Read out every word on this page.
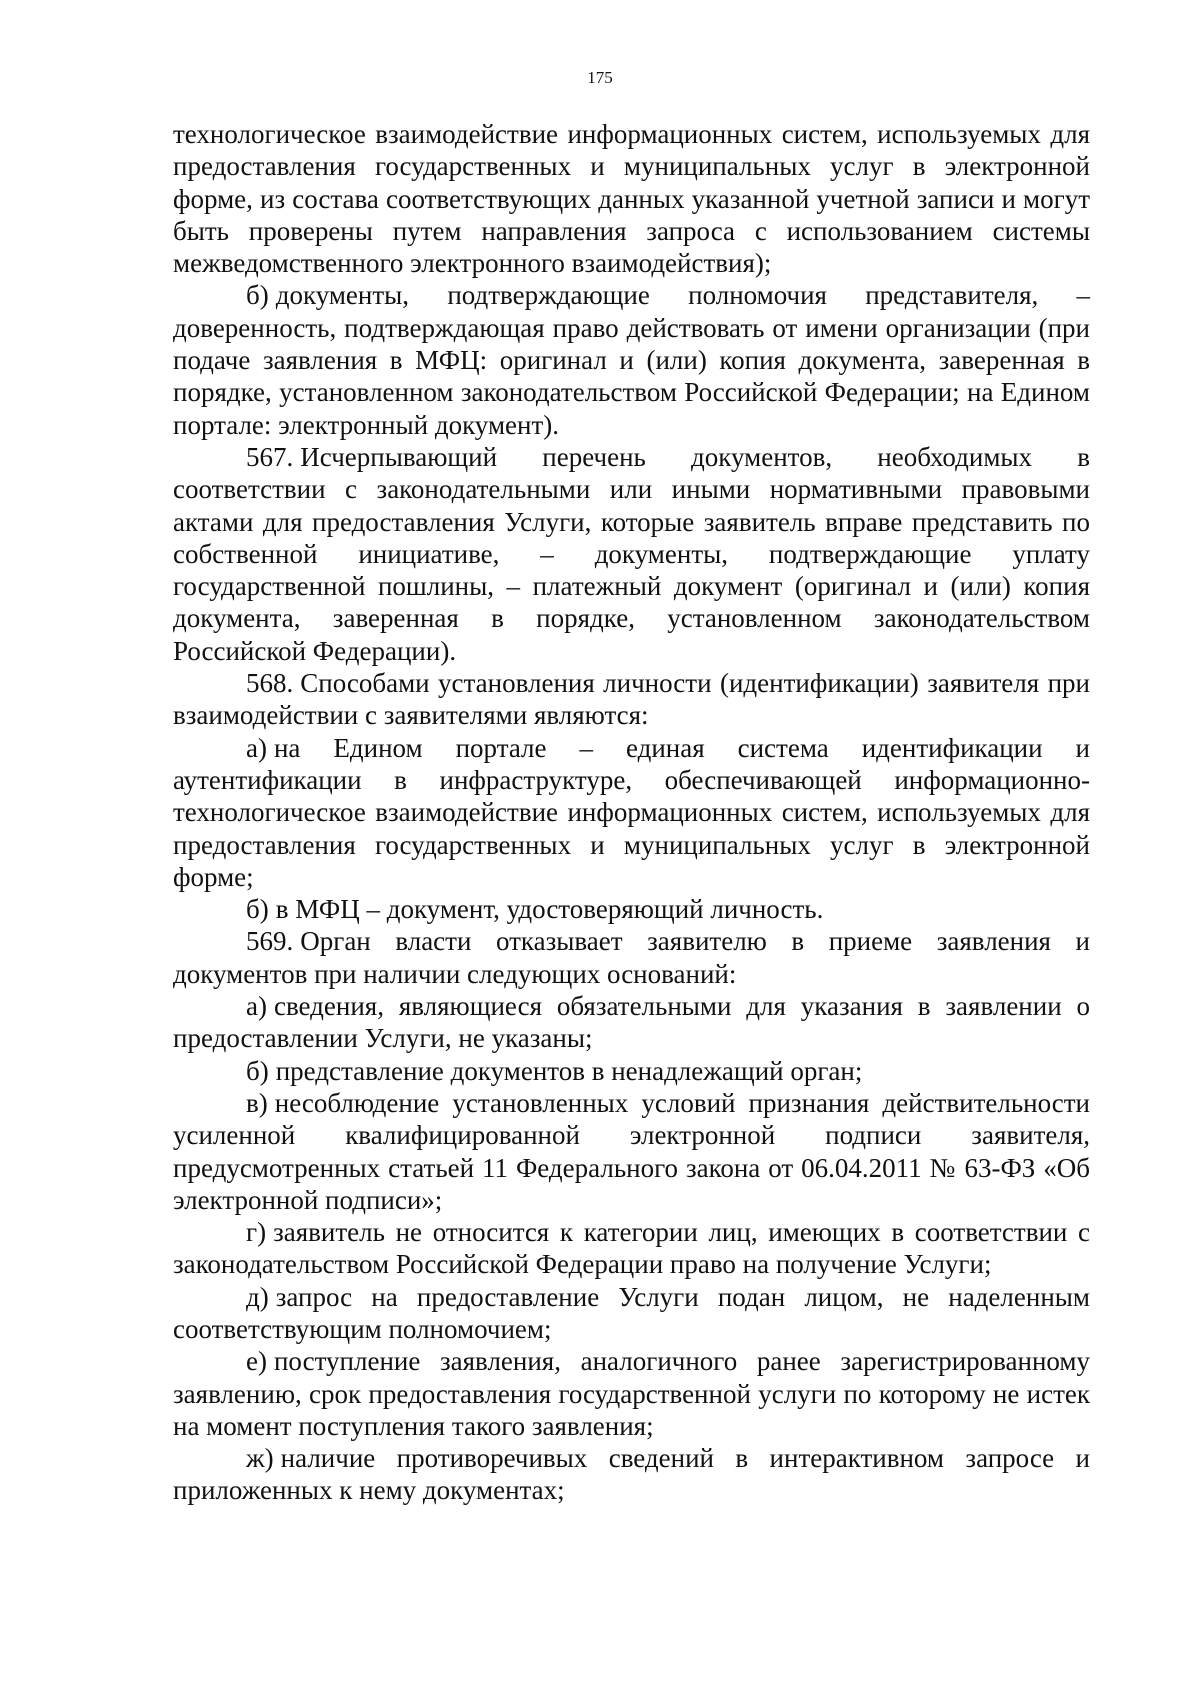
175

технологическое взаимодействие информационных систем, используемых для предоставления государственных и муниципальных услуг в электронной форме, из состава соответствующих данных указанной учетной записи и могут быть проверены путем направления запроса с использованием системы межведомственного электронного взаимодействия);

б) документы, подтверждающие полномочия представителя, – доверенность, подтверждающая право действовать от имени организации (при подаче заявления в МФЦ: оригинал и (или) копия документа, заверенная в порядке, установленном законодательством Российской Федерации; на Едином портале: электронный документ).

567. Исчерпывающий перечень документов, необходимых в соответствии с законодательными или иными нормативными правовыми актами для предоставления Услуги, которые заявитель вправе представить по собственной инициативе, – документы, подтверждающие уплату государственной пошлины, – платежный документ (оригинал и (или) копия документа, заверенная в порядке, установленном законодательством Российской Федерации).

568. Способами установления личности (идентификации) заявителя при взаимодействии с заявителями являются:

а) на Едином портале – единая система идентификации и аутентификации в инфраструктуре, обеспечивающей информационно-технологическое взаимодействие информационных систем, используемых для предоставления государственных и муниципальных услуг в электронной форме;

б) в МФЦ – документ, удостоверяющий личность.

569. Орган власти отказывает заявителю в приеме заявления и документов при наличии следующих оснований:

а) сведения, являющиеся обязательными для указания в заявлении о предоставлении Услуги, не указаны;

б) представление документов в ненадлежащий орган;

в) несоблюдение установленных условий признания действительности усиленной квалифицированной электронной подписи заявителя, предусмотренных статьей 11 Федерального закона от 06.04.2011 № 63-ФЗ «Об электронной подписи»;

г) заявитель не относится к категории лиц, имеющих в соответствии с законодательством Российской Федерации право на получение Услуги;

д) запрос на предоставление Услуги подан лицом, не наделенным соответствующим полномочием;

е) поступление заявления, аналогичного ранее зарегистрированному заявлению, срок предоставления государственной услуги по которому не истек на момент поступления такого заявления;

ж) наличие противоречивых сведений в интерактивном запросе и приложенных к нему документах;
